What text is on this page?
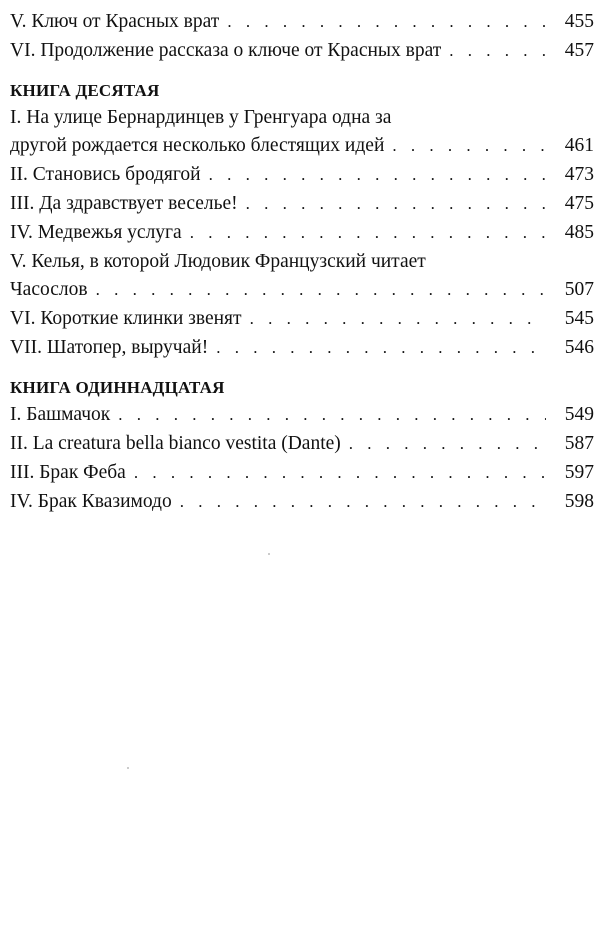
V. Ключ от Красных врат . . .	455
VI. Продолжение рассказа о ключе от Красных врат . . .	457
КНИГА ДЕСЯТАЯ
I. На улице Бернардинцев у Гренгуара одна за
другой рождается несколько блестящих идей . . .	461
II. Становись бродягой . . .	473
III. Да здравствует веселье! . . .	475
IV. Медвежья услуга . . .	485
V. Келья, в которой Людовик Французский читает
Часослов . . .	507
VI. Короткие клинки звенят . . .	545
VII. Шатопер, выручай! . . .	546
КНИГА ОДИННАДЦАТАЯ
I. Башмачок . . .	549
II. La creatura bella bianco vestita (Dante) . . .	587
III. Брак Феба . . .	597
IV. Брак Квазимодо . . .	598
